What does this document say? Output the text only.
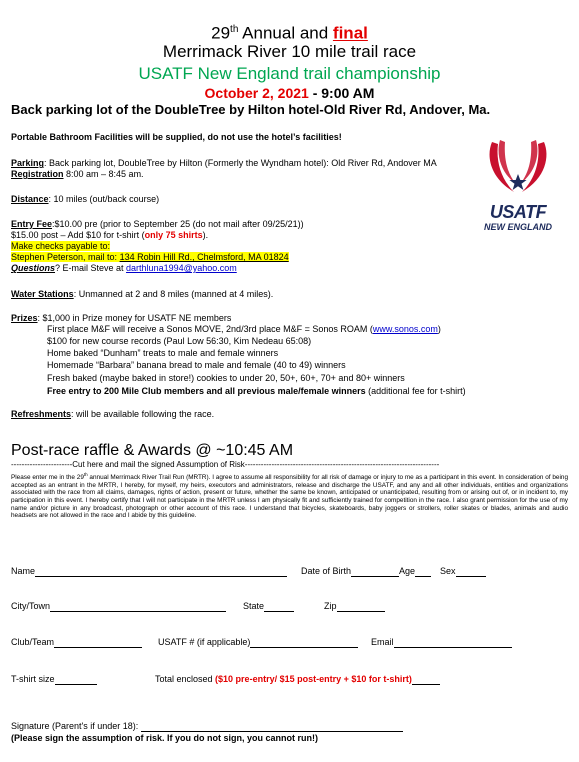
29th Annual and final
Merrimack River 10 mile trail race
USATF New England trail championship
October 2, 2021 - 9:00 AM
Back parking lot of the DoubleTree by Hilton hotel-Old River Rd, Andover, Ma.
USATF
NEW ENGLAND
Portable Bathroom Facilities will be supplied, do not use the hotel’s facilities!
Parking: Back parking lot, DoubleTree by Hilton (Formerly the Wyndham hotel): Old River Rd, Andover MA
Registration 8:00 am – 8:45 am.
Distance: 10 miles (out/back course)
Entry Fee:$10.00 pre (prior to September 25 (do not mail after 09/25/21))
$15.00 post – Add $10 for t-shirt (only 75 shirts).
Make checks payable to:
Stephen Peterson, mail to: 134 Robin Hill Rd., Chelmsford, MA 01824
Questions? E-mail Steve at darthluna1994@yahoo.com
Water Stations: Unmanned at 2 and 8 miles (manned at 4 miles).
Prizes: $1,000 in Prize money for USATF NE members
First place M&F will receive a Sonos MOVE, 2nd/3rd place M&F = Sonos ROAM (www.sonos.com)
$100 for new course records (Paul Low 56:30, Kim Nedeau 65:08)
Home baked “Dunham” treats to male and female winners
Homemade “Barbara” banana bread to male and female (40 to 49) winners
Fresh baked (maybe baked in store!) cookies to under 20, 50+, 60+, 70+ and 80+ winners
Free entry to 200 Mile Club members and all previous male/female winners (additional fee for t-shirt)
Refreshments: will be available following the race.
Post-race raffle & Awards @ ~10:45 AM
-----------------------Cut here and mail the signed Assumption of Risk-------------------------------------------------------------------------
Please enter me in the 29th annual Merrimack River Trail Run (MRTR). I agree to assume all responsibility for all risk of damage or injury to me as a participant in this event. In consideration of being accepted as an entrant in the MRTR, I hereby, for myself, my heirs, executors and administrators, release and discharge the USATF, and any and all other individuals, entities and organizations associated with the race from all claims, damages, rights of action, present or future, whether the same be known, anticipated or unanticipated, resulting from or arising out of, or in incident to, my participation in this event. I hereby certify that I will not participate in the MRTR unless I am physically fit and sufficiently trained for competition in the race. I also grant permission for the use of my name and/or picture in any broadcast, photograph or other account of this race. I understand that bicycles, skateboards, baby joggers or strollers, roller skates or blades, animals and audio headsets are not allowed in the race and I abide by this guideline.
Name	Date of Birth	Age	Sex
City/Town	State	Zip
Club/Team	USATF # (if applicable)	Email
T-shirt size	Total enclosed ($10 pre-entry/ $15 post-entry + $10 for t-shirt)
Signature (Parent's if under 18):
(Please sign the assumption of risk. If you do not sign, you cannot run!)
